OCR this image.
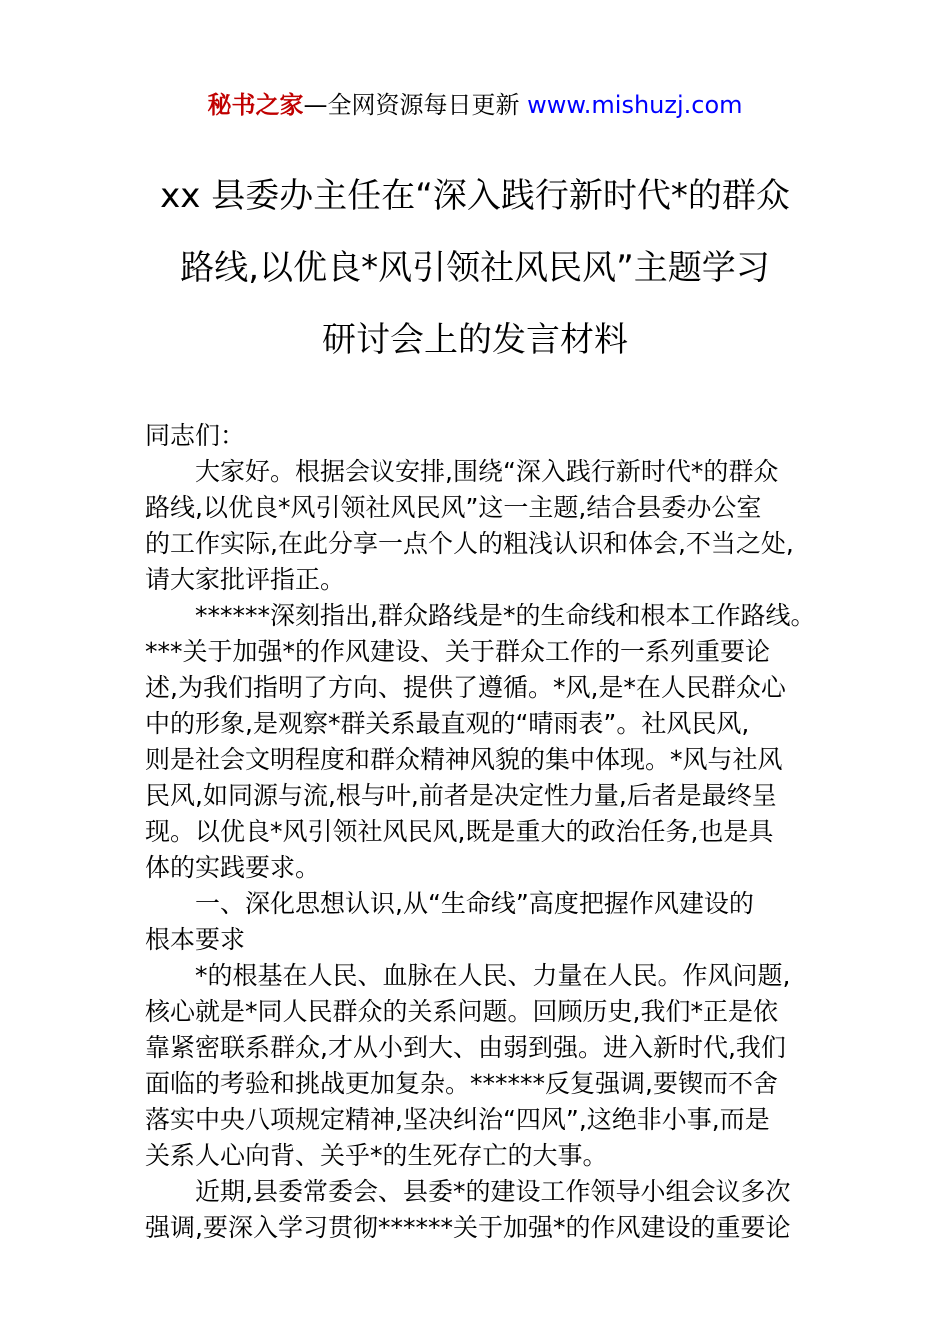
秘书之家—全网资源每日更新 www.mishuzj.com
xx 县委办主任在“深入践行新时代*的群众
路线,以优良*风引领社风民风”主题学习
研讨会上的发言材料
同志们：
大家好。根据会议安排,围绕“深入践行新时代*的群众
路线,以优良*风引领社风民风”这一主题,结合县委办公室
的工作实际,在此分享一点个人的粗浅认识和体会,不当之处,
请大家批评指正。
******深刻指出,群众路线是*的生命线和根本工作路线。
***关于加强*的作风建设、关于群众工作的一系列重要论
述,为我们指明了方向、提供了遵循。*风,是*在人民群众心
中的形象,是观察*群关系最直观的“晴雨表”。社风民风,
则是社会文明程度和群众精神风貌的集中体现。*风与社风
民风,如同源与流,根与叶,前者是决定性力量,后者是最终呈
现。以优良*风引领社风民风,既是重大的政治任务,也是具
体的实践要求。
一、深化思想认识,从“生命线”高度把握作风建设的
根本要求
*的根基在人民、血脉在人民、力量在人民。作风问题,
核心就是*同人民群众的关系问题。回顾历史,我们*正是依
靠紧密联系群众,才从小到大、由弱到强。进入新时代,我们
面临的考验和挑战更加复杂。******反复强调,要锲而不舍
落实中央八项规定精神,坚决纠治“四风”,这绝非小事,而是
关系人心向背、关乎*的生死存亡的大事。
近期,县委常委会、县委*的建设工作领导小组会议多次
强调,要深入学习贯彻******关于加强*的作风建设的重要论
